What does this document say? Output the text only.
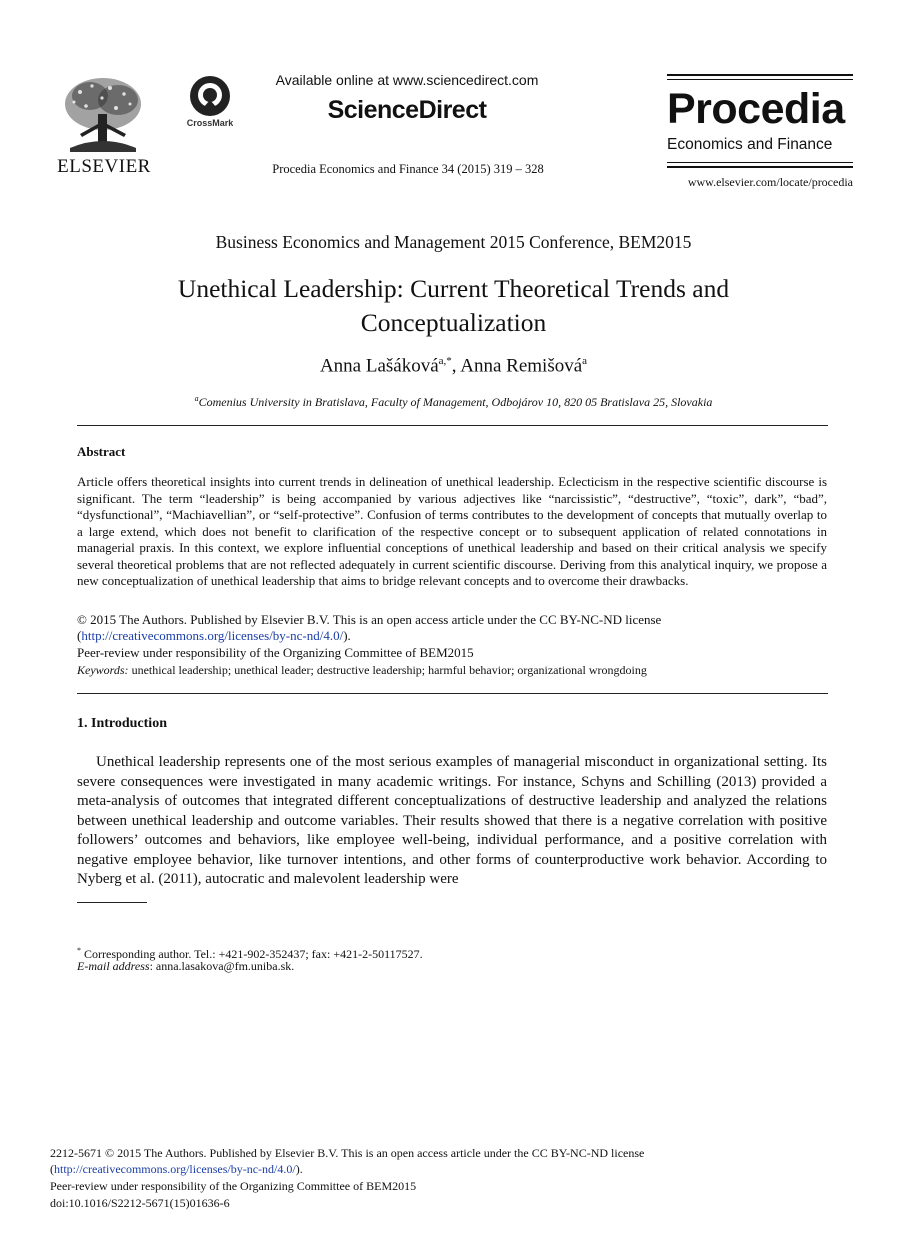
ELSEVIER
CrossMark
Available online at www.sciencedirect.com
ScienceDirect
Procedia Economics and Finance 34 (2015) 319 – 328
Procedia
Economics and Finance
www.elsevier.com/locate/procedia
Business Economics and Management 2015 Conference, BEM2015
Unethical Leadership: Current Theoretical Trends and
Conceptualization
Anna Lašáková$^{a,*}$, Anna Remišová$^a$
$^a$Comenius University in Bratislava, Faculty of Management, Odbojárov 10, 820 05 Bratislava 25, Slovakia
Abstract
Article offers theoretical insights into current trends in delineation of unethical leadership. Eclecticism in the respective scientific discourse is significant. The term “leadership” is being accompanied by various adjectives like “narcissistic”, “destructive”, “toxic”, dark”, “bad”, “dysfunctional”, “Machiavellian”, or “self-protective”. Confusion of terms contributes to the development of concepts that mutually overlap to a large extend, which does not benefit to clarification of the respective concept or to subsequent application of related connotations in managerial praxis. In this context, we explore influential conceptions of unethical leadership and based on their critical analysis we specify several theoretical problems that are not reflected adequately in current scientific discourse. Deriving from this analytical inquiry, we propose a new conceptualization of unethical leadership that aims to bridge relevant concepts and to overcome their drawbacks.
© 2015 The Authors. Published by Elsevier B.V. This is an open access article under the CC BY-NC-ND license
(http://creativecommons.org/licenses/by-nc-nd/4.0/).
Peer-review under responsibility of the Organizing Committee of BEM2015
Keywords: unethical leadership; unethical leader; destructive leadership; harmful behavior; organizational wrongdoing
1. Introduction
Unethical leadership represents one of the most serious examples of managerial misconduct in organizational setting. Its severe consequences were investigated in many academic writings. For instance, Schyns and Schilling (2013) provided a meta-analysis of outcomes that integrated different conceptualizations of destructive leadership and analyzed the relations between unethical leadership and outcome variables. Their results showed that there is a negative correlation with positive followers’ outcomes and behaviors, like employee well-being, individual performance, and a positive correlation with negative employee behavior, like turnover intentions, and other forms of counterproductive work behavior. According to Nyberg et al. (2011), autocratic and malevolent leadership were
* Corresponding author. Tel.: +421-902-352437; fax: +421-2-50117527.
E-mail address: anna.lasakova@fm.uniba.sk.
2212-5671 © 2015 The Authors. Published by Elsevier B.V. This is an open access article under the CC BY-NC-ND license
(http://creativecommons.org/licenses/by-nc-nd/4.0/).
Peer-review under responsibility of the Organizing Committee of BEM2015
doi:10.1016/S2212-5671(15)01636-6
